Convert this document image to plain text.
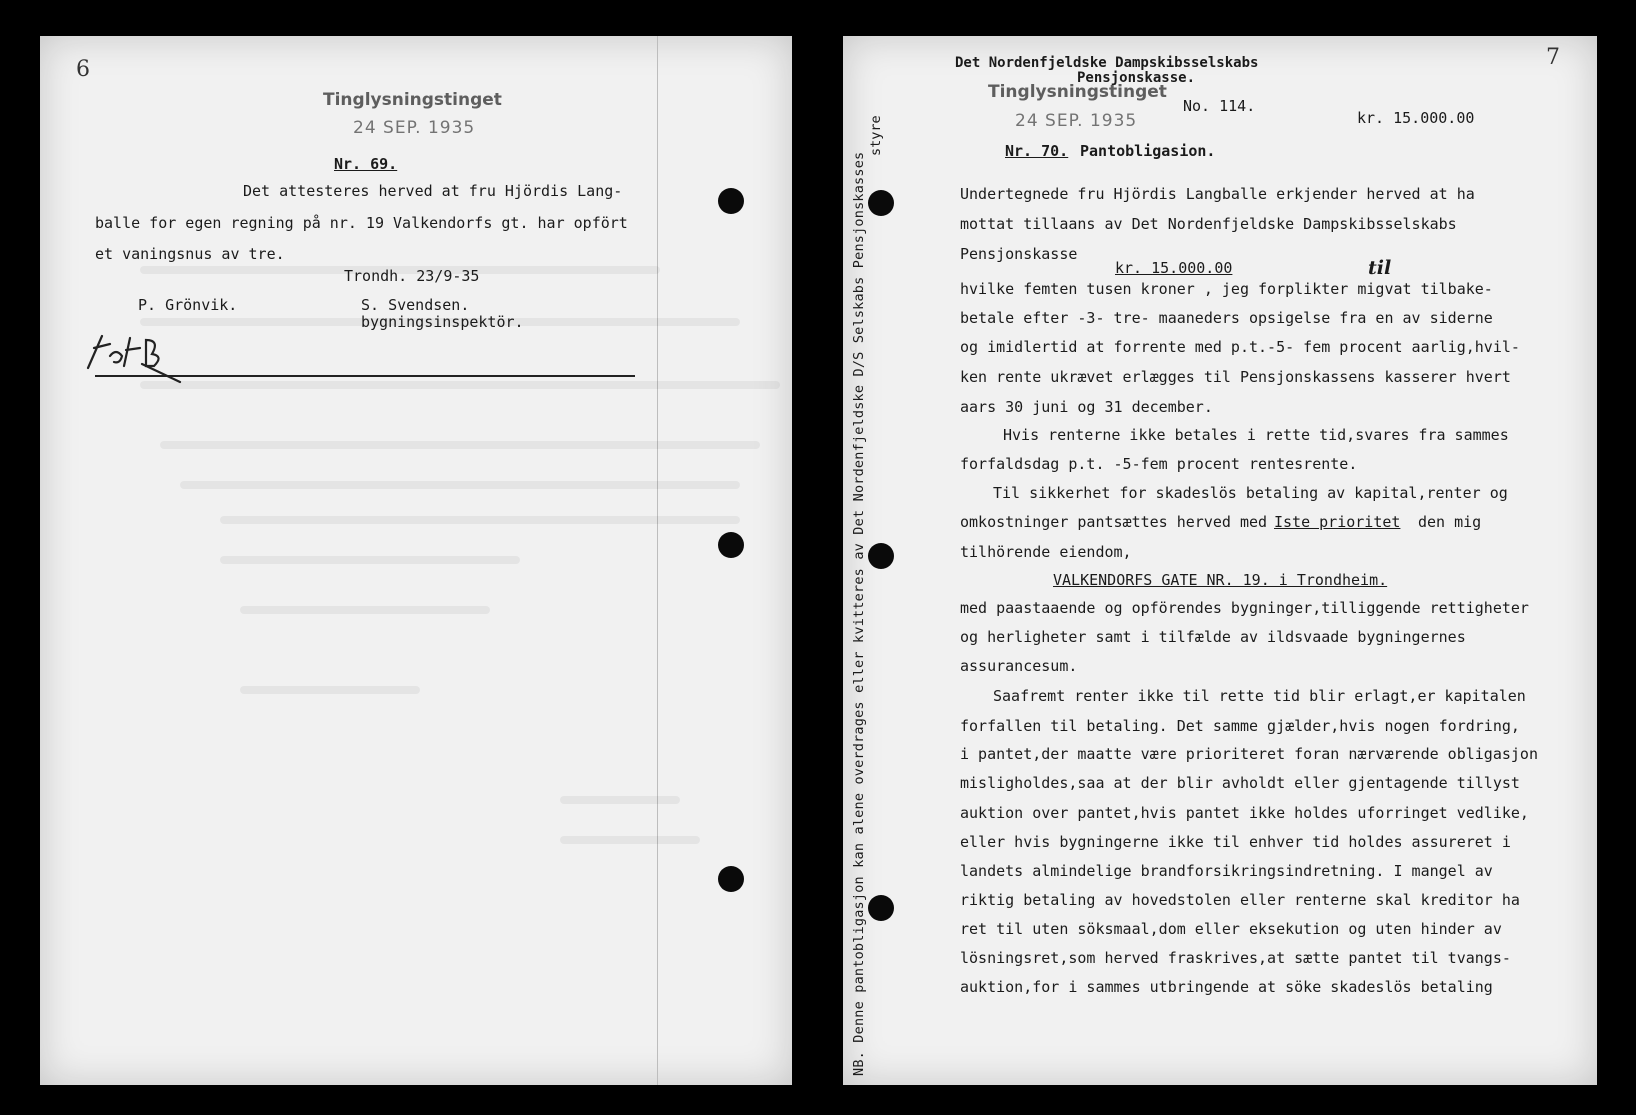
6
Tinglysningstinget
24 SEP. 1935
Nr. 69.
Det attesteres herved at fru Hjördis Lang-
balle for egen regning på nr. 19 Valkendorfs gt. har opfört
et vaningsnus av tre.
Trondh. 23/9-35
P. Grönvik.	S. Svendsen.
bygningsinspektör.	NB. Denne pantobligasjon kan alene overdrages eller kvitteres av Det Nordenfjeldske D/S Selskabs Pensjonskasses
styre
7
Det Nordenfjeldske Dampskibsselskabs
Pensjonskasse.
Tinglysningstinget
24 SEP. 1935
No. 114.
kr. 15.000.00
Nr. 70. Pantobligasion.
Undertegnede fru Hjördis Langballe erkjender herved at ha
mottat tillaans av Det Nordenfjeldske Dampskibsselskabs
Pensjonskasse
kr. 15.000.00	til
hvilke femten tusen kroner , jeg forplikter migvat tilbake-
betale efter -3- tre- maaneders opsigelse fra en av siderne
og imidlertid at forrente med p.t.-5- fem procent aarlig,hvil-
ken rente ukrævet erlægges til Pensjonskassens kasserer hvert
aars 30 juni og 31 december.
Hvis renterne ikke betales i rette tid,svares fra sammes
forfaldsdag p.t. -5-fem procent rentesrente.
Til sikkerhet for skadeslös betaling av kapital,renter og
omkostninger pantsættes herved med Iste prioritet den mig
tilhörende eiendom,
VALKENDORFS GATE NR. 19. i Trondheim.
med paastaaende og opförendes bygninger,tilliggende rettigheter
og herligheter samt i tilfælde av ildsvaade bygningernes
assurancesum.
Saafremt renter ikke til rette tid blir erlagt,er kapitalen
forfallen til betaling. Det samme gjælder,hvis nogen fordring,
i pantet,der maatte være prioriteret foran nærværende obligasjon
misligholdes,saa at der blir avholdt eller gjentagende tillyst
auktion over pantet,hvis pantet ikke holdes uforringet vedlike,
eller hvis bygningerne ikke til enhver tid holdes assureret i
landets almindelige brandforsikringsindretning. I mangel av
riktig betaling av hovedstolen eller renterne skal kreditor ha
ret til uten söksmaal,dom eller eksekution og uten hinder av
lösningsret,som herved fraskrives,at sætte pantet til tvangs-
auktion,for i sammes utbringende at söke skadeslös betaling
